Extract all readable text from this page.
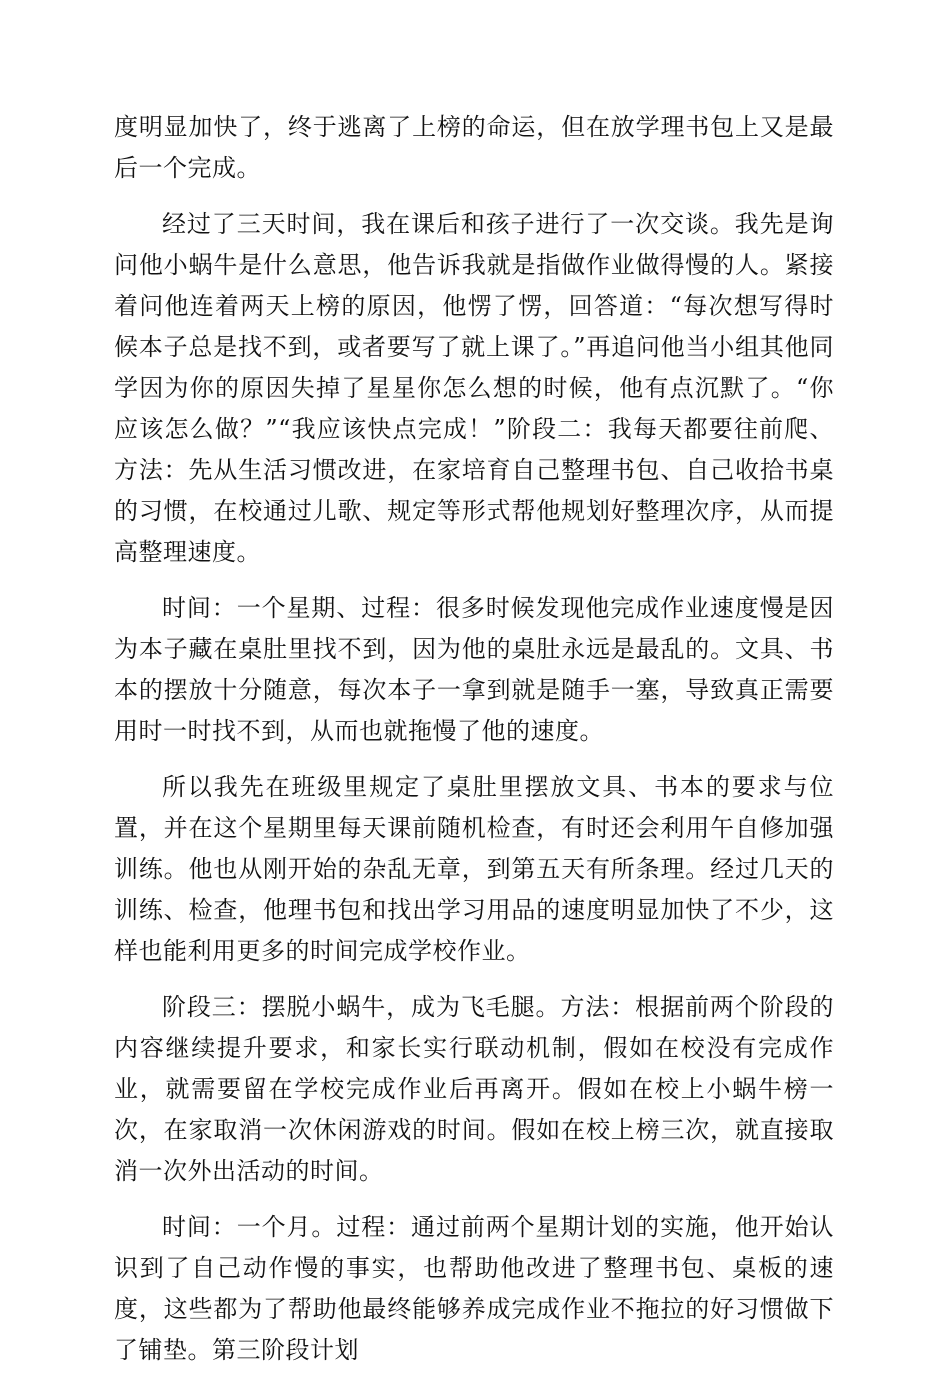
度明显加快了，终于逃离了上榜的命运，但在放学理书包上又是最后一个完成。

经过了三天时间，我在课后和孩子进行了一次交谈。我先是询问他小蜗牛是什么意思，他告诉我就是指做作业做得慢的人。紧接着问他连着两天上榜的原因，他愣了愣，回答道：“每次想写得时候本子总是找不到，或者要写了就上课了。”再追问他当小组其他同学因为你的原因失掉了星星你怎么想的时候，他有点沉默了。“你应该怎么做？”“我应该快点完成！”阶段二：我每天都要往前爬、方法：先从生活习惯改进，在家培育自己整理书包、自己收拾书桌的习惯，在校通过儿歌、规定等形式帮他规划好整理次序，从而提高整理速度。

时间：一个星期、过程：很多时候发现他完成作业速度慢是因为本子藏在桌肚里找不到，因为他的桌肚永远是最乱的。文具、书本的摆放十分随意，每次本子一拿到就是随手一塞，导致真正需要用时一时找不到，从而也就拖慢了他的速度。

所以我先在班级里规定了桌肚里摆放文具、书本的要求与位置，并在这个星期里每天课前随机检查，有时还会利用午自修加强训练。他也从刚开始的杂乱无章，到第五天有所条理。经过几天的训练、检查，他理书包和找出学习用品的速度明显加快了不少，这样也能利用更多的时间完成学校作业。

阶段三：摆脱小蜗牛，成为飞毛腿。方法：根据前两个阶段的内容继续提升要求，和家长实行联动机制，假如在校没有完成作业，就需要留在学校完成作业后再离开。假如在校上小蜗牛榜一次，在家取消一次休闲游戏的时间。假如在校上榜三次，就直接取消一次外出活动的时间。

时间：一个月。过程：通过前两个星期计划的实施，他开始认识到了自己动作慢的事实，也帮助他改进了整理书包、桌板的速度，这些都为了帮助他最终能够养成完成作业不拖拉的好习惯做下了铺垫。第三阶段计划
